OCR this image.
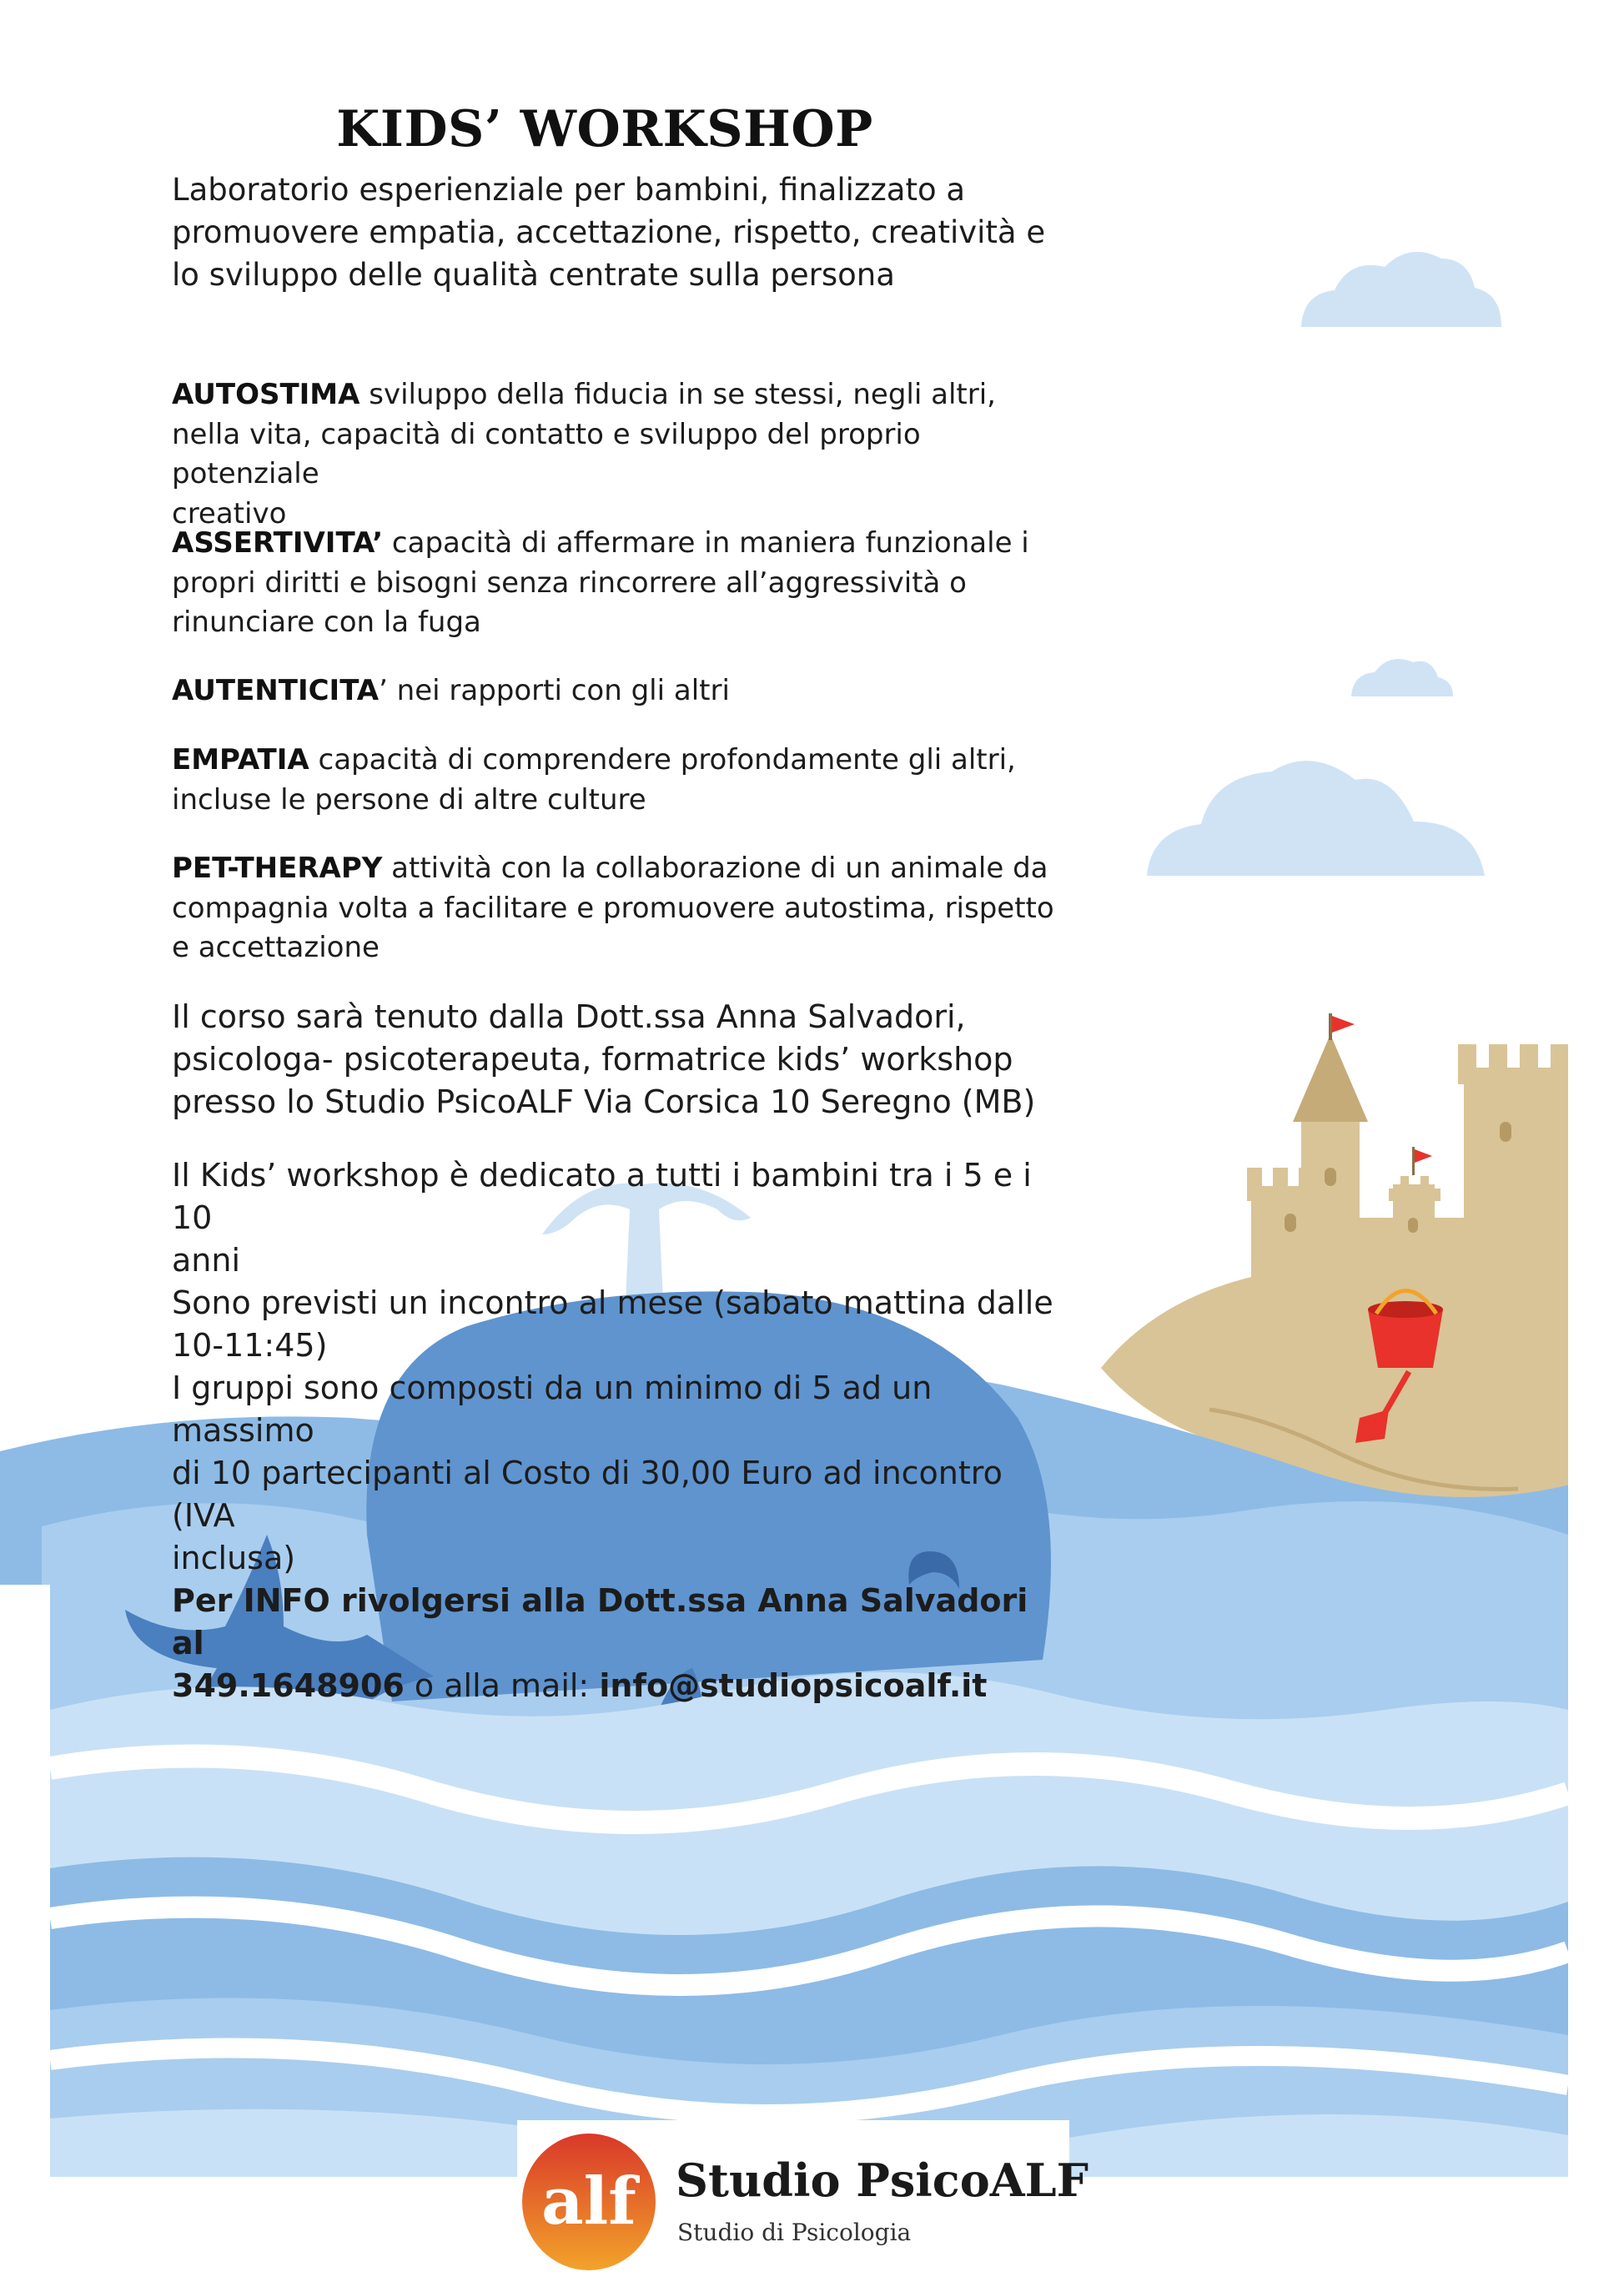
KIDS’ WORKSHOP
Laboratorio esperienziale per bambini, finalizzato a
promuovere empatia, accettazione, rispetto, creatività e
lo sviluppo delle qualità centrate sulla persona
AUTOSTIMA sviluppo della fiducia in se stessi, negli altri,
nella vita, capacità di contatto e sviluppo del proprio potenziale
creativo
ASSERTIVITA’ capacità di affermare in maniera funzionale i
propri diritti e bisogni senza rincorrere all’aggressività o
rinunciare con la fuga
AUTENTICITA’ nei rapporti con gli altri
EMPATIA capacità di comprendere profondamente gli altri,
incluse le persone di altre culture
PET-THERAPY attività con la collaborazione di un animale da
compagnia volta a facilitare e promuovere autostima, rispetto
e accettazione
Il corso sarà tenuto dalla Dott.ssa Anna Salvadori,
psicologa- psicoterapeuta, formatrice kids’ workshop
presso lo Studio PsicoALF Via Corsica 10 Seregno (MB)
Il Kids’ workshop è dedicato a tutti i bambini tra i 5 e i 10
anni
Sono previsti un incontro al mese (sabato mattina dalle
10-11:45)
I gruppi sono composti da un minimo di 5 ad un massimo
di 10 partecipanti al Costo di 30,00 Euro ad incontro (IVA
inclusa)
Per INFO rivolgersi alla Dott.ssa Anna Salvadori al
349.1648906 o alla mail: info@studiopsicoalf.it
alf Studio PsicoALF
Studio di Psicologia
